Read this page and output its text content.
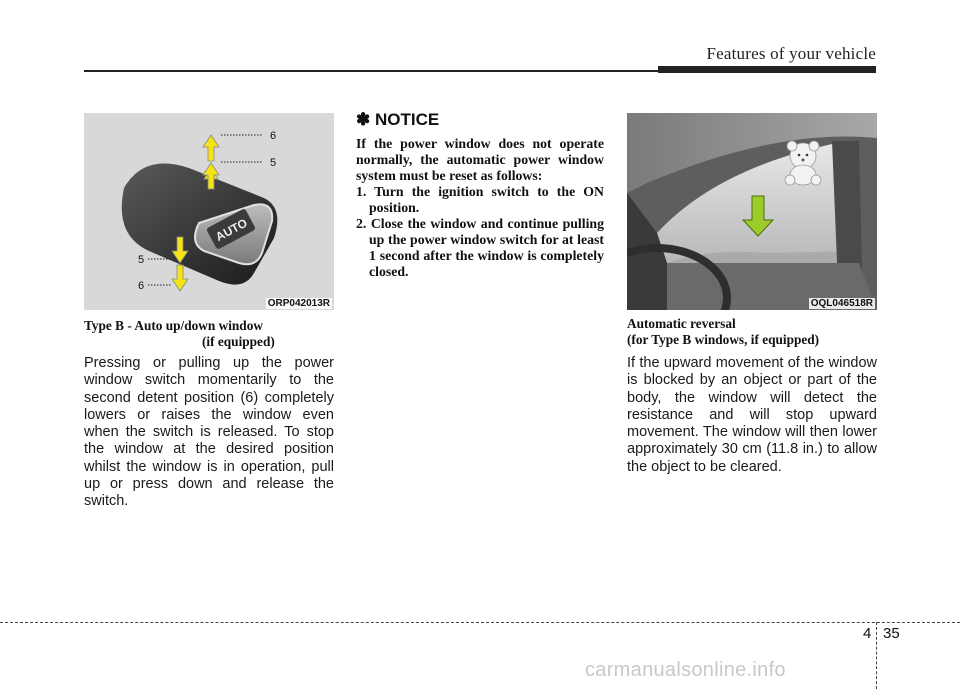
Features of your vehicle
AUTO
6
5
5
6
ORP042013R
Type B - Auto up/down window
(if equipped)
Pressing or pulling up the power window switch momentarily to the second detent position (6) completely lowers or raises the window even when the switch is released. To stop the window at the desired position whilst the window is in operation, pull up or press down and release the switch.
✽ NOTICE

If the power window does not operate normally, the automatic power window system must be reset as follows:

1. Turn the ignition switch to the ON position.
2. Close the window and continue pulling up the power window switch for at least 1 second after the window is completely closed.
OQL046518R
Automatic reversal
(for Type B windows, if equipped)
If the upward movement of the window is blocked by an object or part of the body, the window will detect the resistance and will stop upward movement. The window will then lower approximately 30 cm (11.8 in.) to allow the object to be cleared.
4 35
carmanualsonline.info
